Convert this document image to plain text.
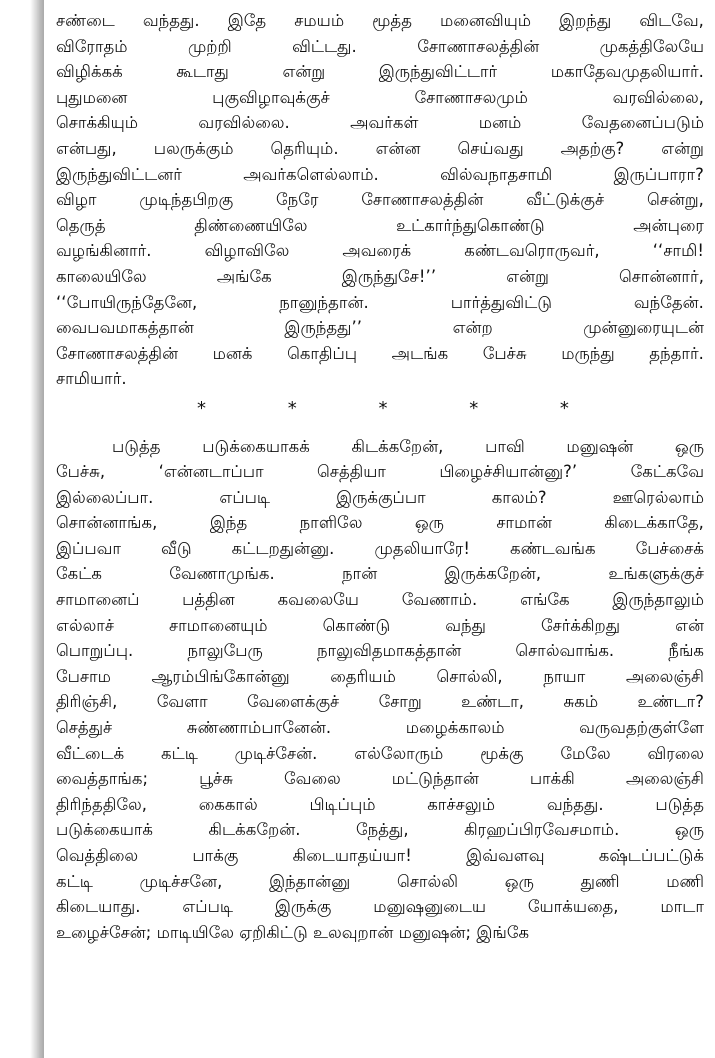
சண்டை வந்தது. இதே சமயம் மூத்த மனைவியும் இறந்து விடவே,
விரோதம் முற்றி விட்டது. சோணாசலத்தின் முகத்திலேயே
விழிக்கக் கூடாது என்று இருந்துவிட்டார் மகாதேவமுதலியார்.
புதுமனை புகுவிழாவுக்குச் சோணாசலமும் வரவில்லை,
சொக்கியும் வரவில்லை. அவர்கள் மனம் வேதனைப்படும்
என்பது, பலருக்கும் தெரியும். என்ன செய்வது அதற்கு? என்று
இருந்துவிட்டனர் அவர்களெல்லாம். வில்வநாதசாமி இருப்பாரா?
விழா முடிந்தபிறகு நேரே சோணாசலத்தின் வீட்டுக்குச் சென்று,
தெருத் திண்ணையிலே உட்கார்ந்துகொண்டு அன்புரை
வழங்கினார். விழாவிலே அவரைக் கண்டவரொருவர், ‘‘சாமி!
காலையிலே அங்கே இருந்துசே!’’ என்று சொன்னார்,
‘‘போயிருந்தேனே, நானுந்தான். பார்த்துவிட்டு வந்தேன்.
வைபவமாகத்தான் இருந்தது’’ என்ற முன்னுரையுடன்
சோணாசலத்தின் மனக் கொதிப்பு அடங்க பேச்சு மருந்து தந்தார்.
சாமியார்.
* * * * *
படுத்த படுக்கையாகக் கிடக்கறேன், பாவி மனுஷன் ஒரு
பேச்சு, ‘என்னடாப்பா செத்தியா பிழைச்சியான்னு?’ கேட்கவே
இல்லைப்பா. எப்படி இருக்குப்பா காலம்? ஊரெல்லாம்
சொன்னாங்க, இந்த நாளிலே ஒரு சாமான் கிடைக்காதே,
இப்பவா வீடு கட்டறதுன்னு. முதலியாரே! கண்டவங்க பேச்சைக்
கேட்க வேணாமுங்க. நான் இருக்கறேன், உங்களுக்குச்
சாமானைப் பத்தின கவலையே வேணாம். எங்கே இருந்தாலும்
எல்லாச் சாமானையும் கொண்டு வந்து சேர்க்கிறது என்
பொறுப்பு. நாலுபேரு நாலுவிதமாகத்தான் சொல்வாங்க. நீங்க
பேசாம ஆரம்பிங்கோன்னு தைரியம் சொல்லி, நாயா அலைஞ்சி
திரிஞ்சி, வேளா வேளைக்குச் சோறு உண்டா, சுகம் உண்டா?
செத்துச் சுண்ணாம்பானேன். மழைக்காலம் வருவதற்குள்ளே
வீட்டைக் கட்டி முடிச்சேன். எல்லோரும் மூக்கு மேலே விரலை
வைத்தாங்க; பூச்சு வேலை மட்டுந்தான் பாக்கி அலைஞ்சி
திரிந்ததிலே, கைகால் பிடிப்பும் காச்சலும் வந்தது. படுத்த
படுக்கையாக் கிடக்கறேன். நேத்து, கிரஹப்பிரவேசமாம். ஒரு
வெத்திலை பாக்கு கிடையாதய்யா! இவ்வளவு கஷ்டப்பட்டுக்
கட்டி முடிச்சனே, இந்தான்னு சொல்லி ஒரு துணி மணி
கிடையாது. எப்படி இருக்கு மனுஷனுடைய யோக்யதை, மாடா
உழைச்சேன்; மாடியிலே ஏறிகிட்டு உலவுறான் மனுஷன்; இங்கே
